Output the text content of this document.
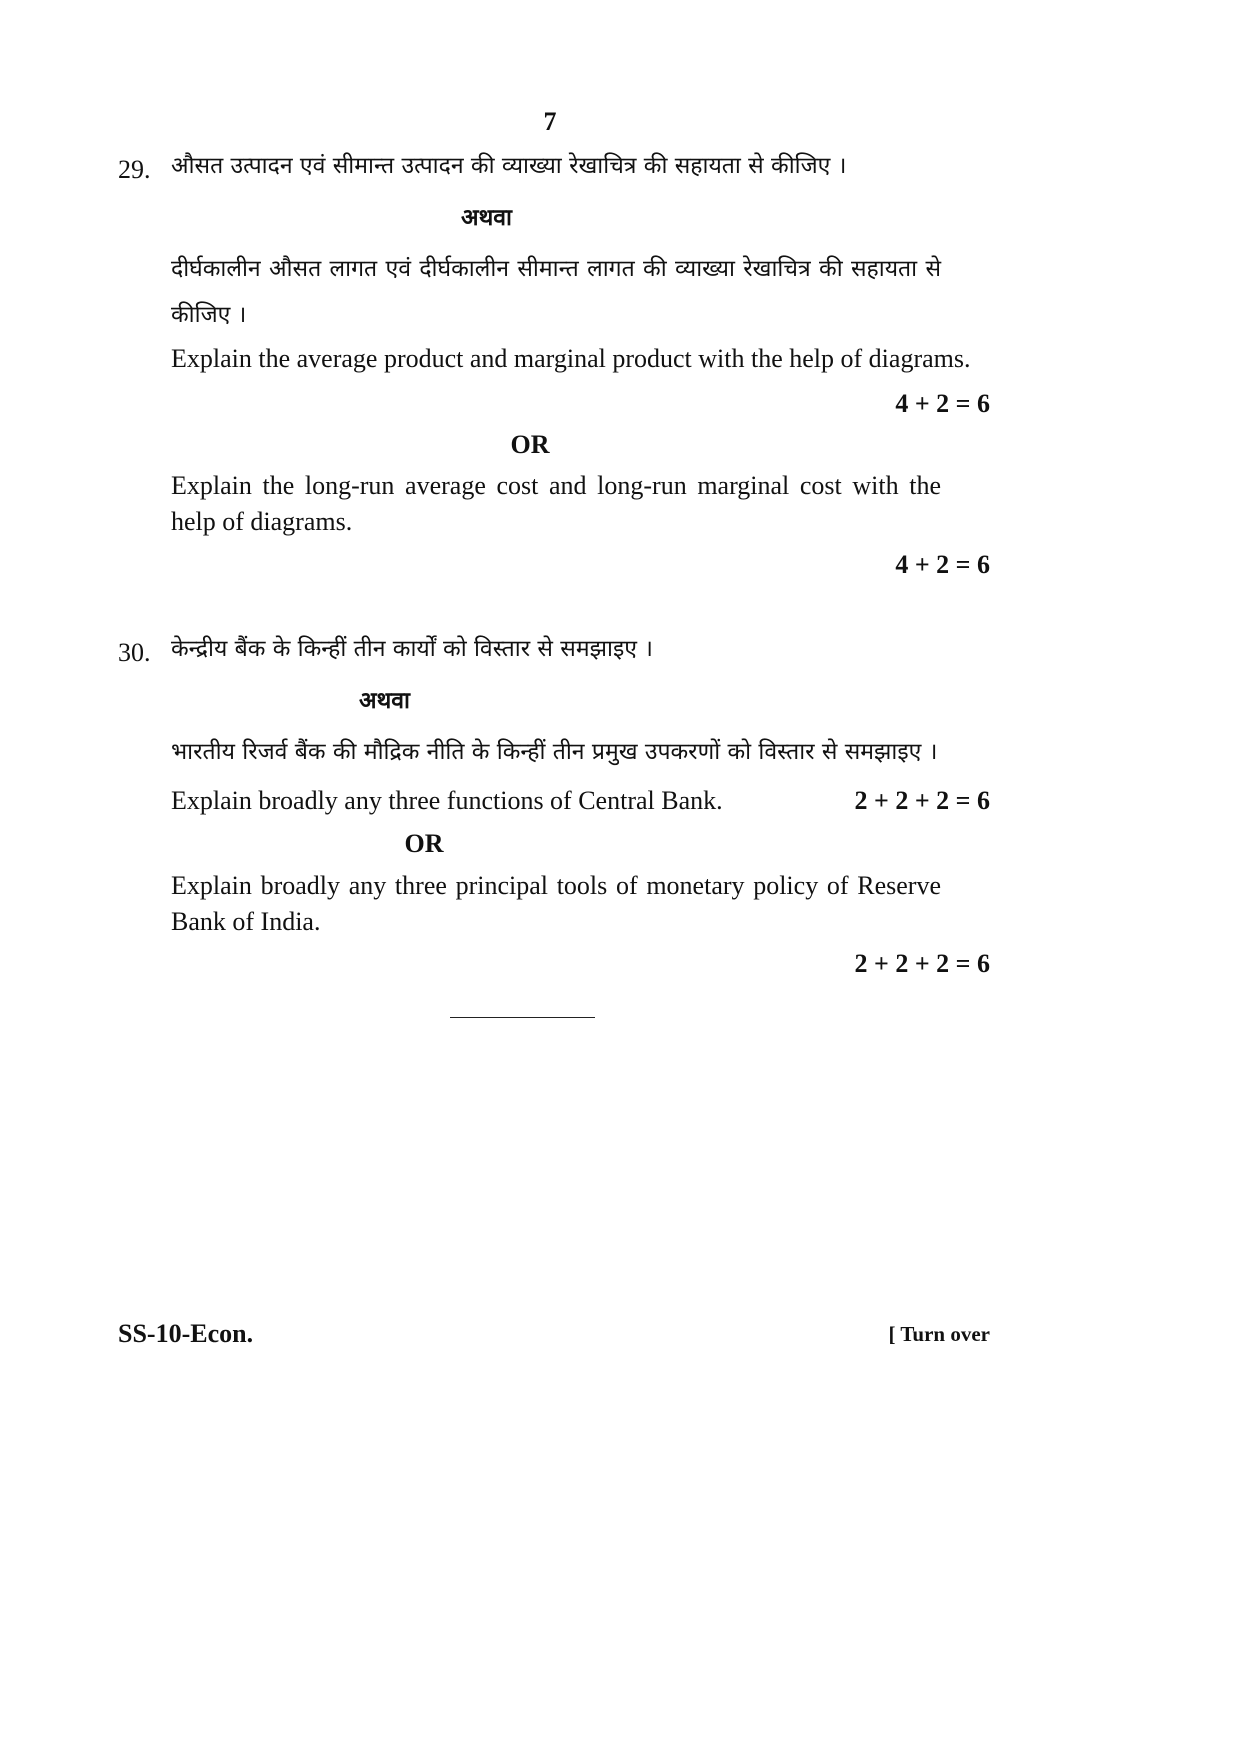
7
29. औसत उत्पादन एवं सीमान्त उत्पादन की व्याख्या रेखाचित्र की सहायता से कीजिए ।
अथवा
दीर्घकालीन औसत लागत एवं दीर्घकालीन सीमान्त लागत की व्याख्या रेखाचित्र की सहायता से कीजिए ।
Explain the average product and marginal product with the help of diagrams.
4 + 2 = 6
OR
Explain the long-run average cost and long-run marginal cost with the help of diagrams.
4 + 2 = 6
30. केन्द्रीय बैंक के किन्हीं तीन कार्यों को विस्तार से समझाइए ।
अथवा
भारतीय रिजर्व बैंक की मौद्रिक नीति के किन्हीं तीन प्रमुख उपकरणों को विस्तार से समझाइए ।
Explain broadly any three functions of Central Bank.	2 + 2 + 2 = 6
OR
Explain broadly any three principal tools of monetary policy of Reserve Bank of India.
2 + 2 + 2 = 6
SS-10-Econ.	[ Turn over
